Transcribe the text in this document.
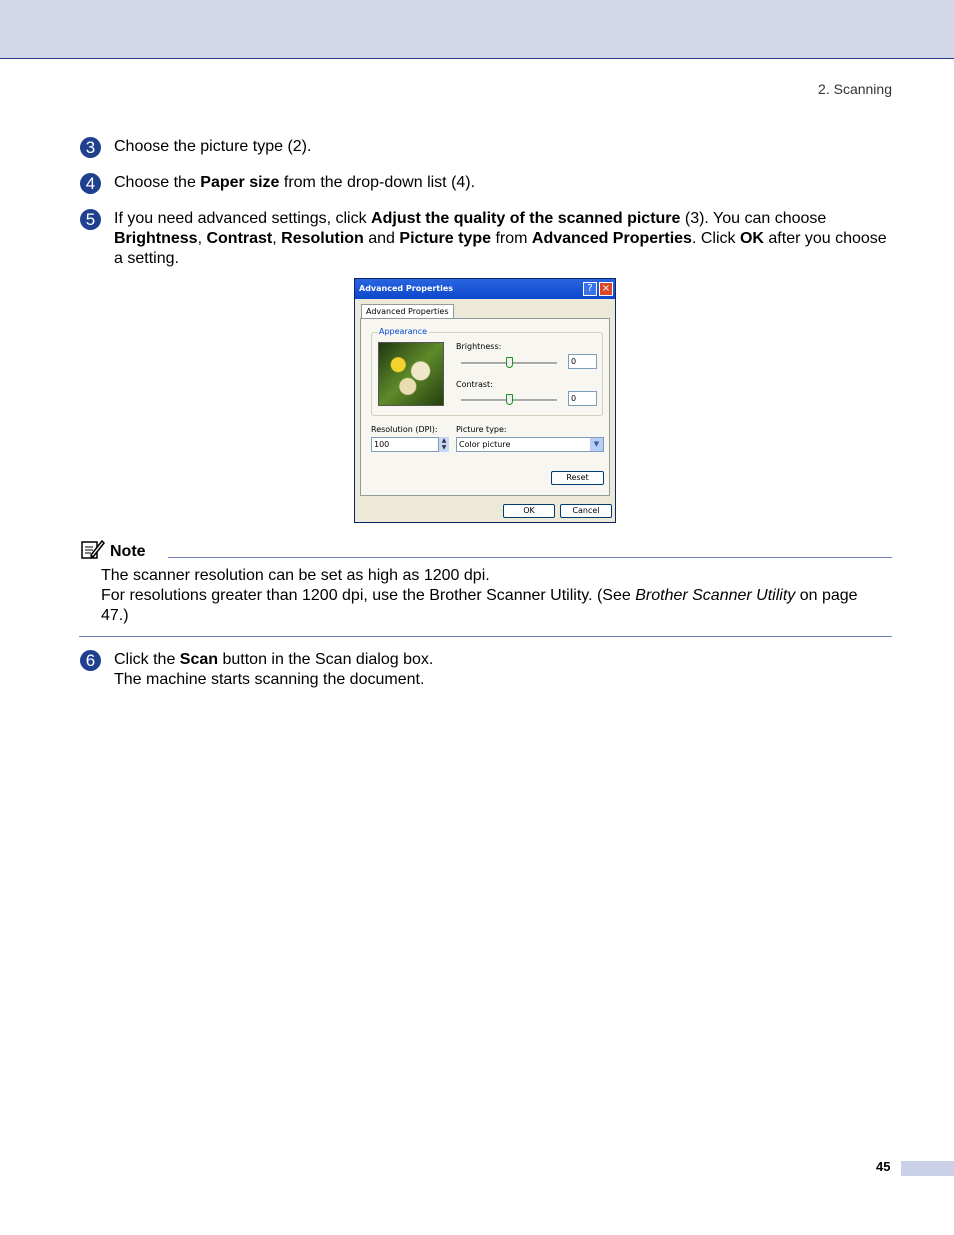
2. Scanning
3	Choose the picture type (2).
4	Choose the Paper size from the drop-down list (4).
5	If you need advanced settings, click Adjust the quality of the scanned picture (3). You can choose Brightness, Contrast, Resolution and Picture type from Advanced Properties. Click OK after you choose a setting.
Advanced Properties	? ×
Advanced Properties
Appearance
Brightness:
0
Contrast:
0
Resolution (DPI):
100	▲
▼
Picture type:
Color picture	▼
Reset
OK	Cancel
Note
The scanner resolution can be set as high as 1200 dpi.
For resolutions greater than 1200 dpi, use the Brother Scanner Utility. (See Brother Scanner Utility on page 47.)
6	Click the Scan button in the Scan dialog box.
The machine starts scanning the document.
45
